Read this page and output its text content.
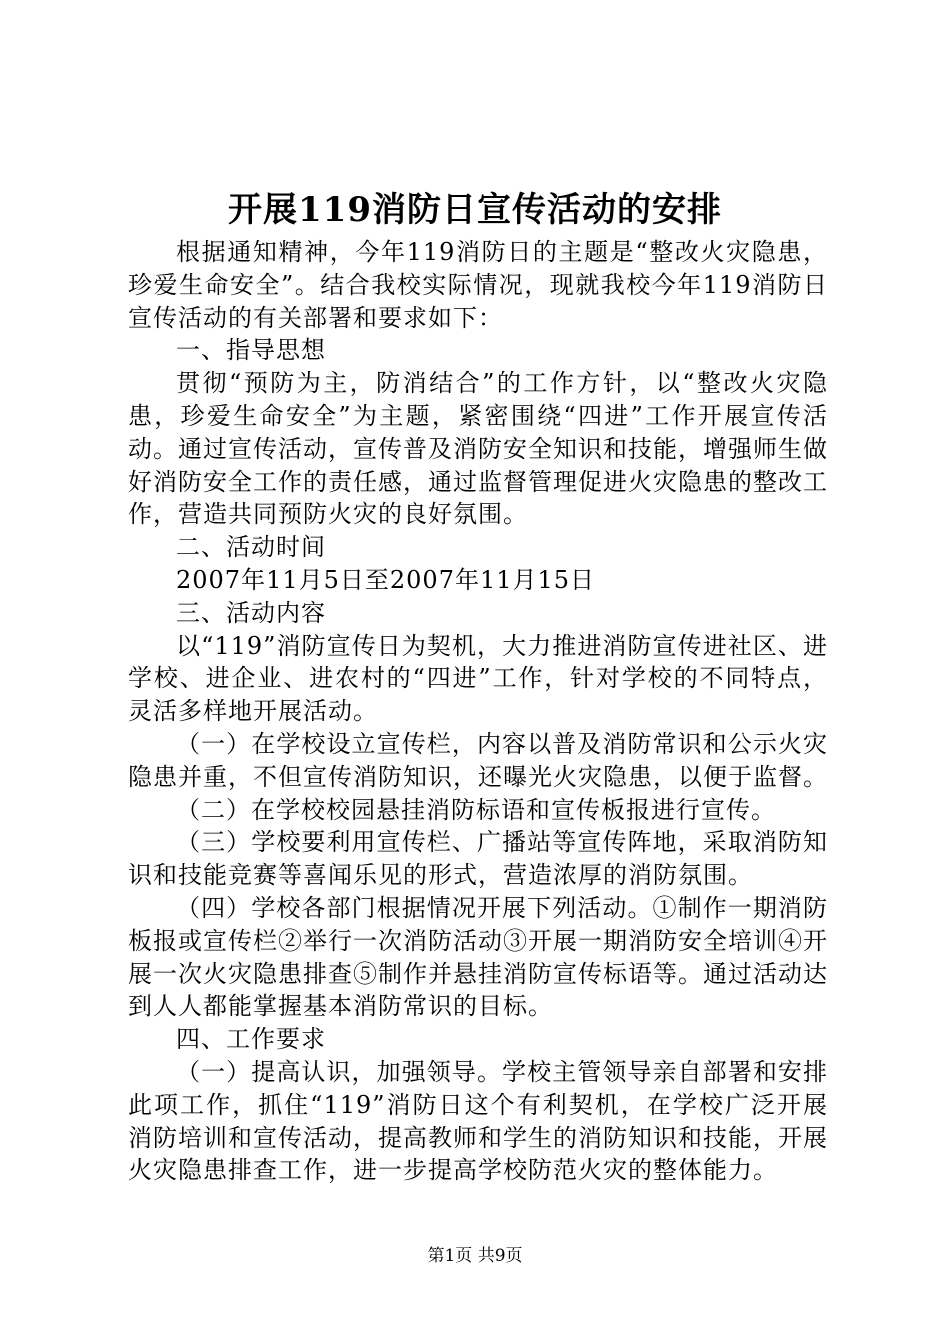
开展119消防日宣传活动的安排

根据通知精神，今年119消防日的主题是“整改火灾隐患，珍爱生命安全”。结合我校实际情况，现就我校今年119消防日宣传活动的有关部署和要求如下：

一、指导思想

贯彻“预防为主，防消结合”的工作方针，以“整改火灾隐患，珍爱生命安全”为主题，紧密围绕“四进”工作开展宣传活动。通过宣传活动，宣传普及消防安全知识和技能，增强师生做好消防安全工作的责任感，通过监督管理促进火灾隐患的整改工作，营造共同预防火灾的良好氛围。

二、活动时间

2007年11月5日至2007年11月15日

三、活动内容

以“119”消防宣传日为契机，大力推进消防宣传进社区、进学校、进企业、进农村的“四进”工作，针对学校的不同特点，灵活多样地开展活动。

（一）在学校设立宣传栏，内容以普及消防常识和公示火灾隐患并重，不但宣传消防知识，还曝光火灾隐患，以便于监督。

（二）在学校校园悬挂消防标语和宣传板报进行宣传。

（三）学校要利用宣传栏、广播站等宣传阵地，采取消防知识和技能竞赛等喜闻乐见的形式，营造浓厚的消防氛围。

（四）学校各部门根据情况开展下列活动。①制作一期消防板报或宣传栏②举行一次消防活动③开展一期消防安全培训④开展一次火灾隐患排查⑤制作并悬挂消防宣传标语等。通过活动达到人人都能掌握基本消防常识的目标。

四、工作要求

（一）提高认识，加强领导。学校主管领导亲自部署和安排此项工作，抓住“119”消防日这个有利契机，在学校广泛开展消防培训和宣传活动，提高教师和学生的消防知识和技能，开展火灾隐患排查工作，进一步提高学校防范火灾的整体能力。

第1页 共9页
